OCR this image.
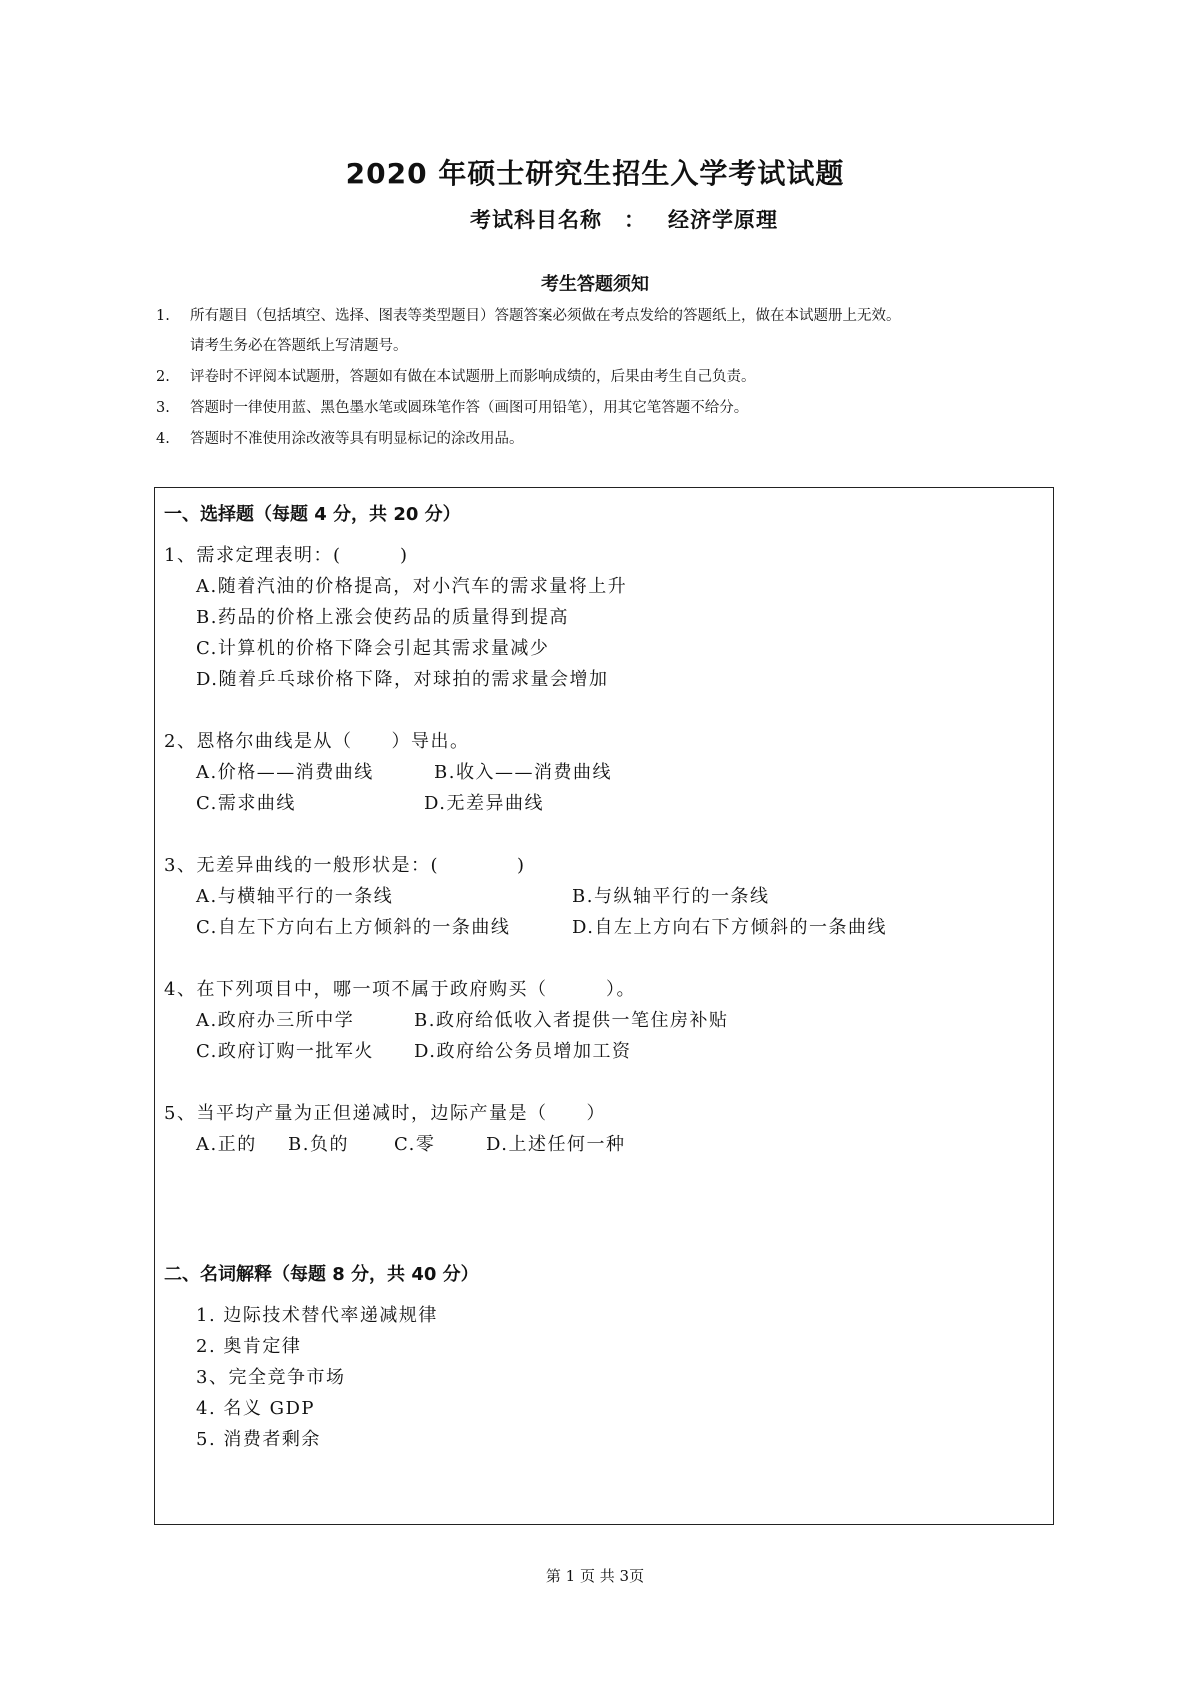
2020 年硕士研究生招生入学考试试题
考试科目名称 ： 经济学原理
考生答题须知
1. 所有题目（包括填空、选择、图表等类型题目）答题答案必须做在考点发给的答题纸上，做在本试题册上无效。
请考生务必在答题纸上写清题号。
2. 评卷时不评阅本试题册，答题如有做在本试题册上而影响成绩的，后果由考生自己负责。
3. 答题时一律使用蓝、黑色墨水笔或圆珠笔作答（画图可用铅笔），用其它笔答题不给分。
4. 答题时不准使用涂改液等具有明显标记的涂改用品。
一、选择题（每题 4 分，共 20 分）
1、需求定理表明：(　　　)
A.随着汽油的价格提高，对小汽车的需求量将上升
B.药品的价格上涨会使药品的质量得到提高
C.计算机的价格下降会引起其需求量减少
D.随着乒乓球价格下降，对球拍的需求量会增加
2、恩格尔曲线是从（　　）导出。
A.价格——消费曲线	B.收入——消费曲线
C.需求曲线	D.无差异曲线
3、无差异曲线的一般形状是：(　　　　)
A.与横轴平行的一条线	B.与纵轴平行的一条线
C.自左下方向右上方倾斜的一条曲线	D.自左上方向右下方倾斜的一条曲线
4、在下列项目中，哪一项不属于政府购买（　　　）。
A.政府办三所中学	B.政府给低收入者提供一笔住房补贴
C.政府订购一批军火 D.政府给公务员增加工资
5、当平均产量为正但递减时，边际产量是（　　）
A.正的 B.负的	C.零	D.上述任何一种
二、名词解释（每题 8 分，共 40 分）
1. 边际技术替代率递减规律
2. 奥肯定律
3、完全竞争市场
4. 名义 GDP
5. 消费者剩余
第 1 页 共 3页
